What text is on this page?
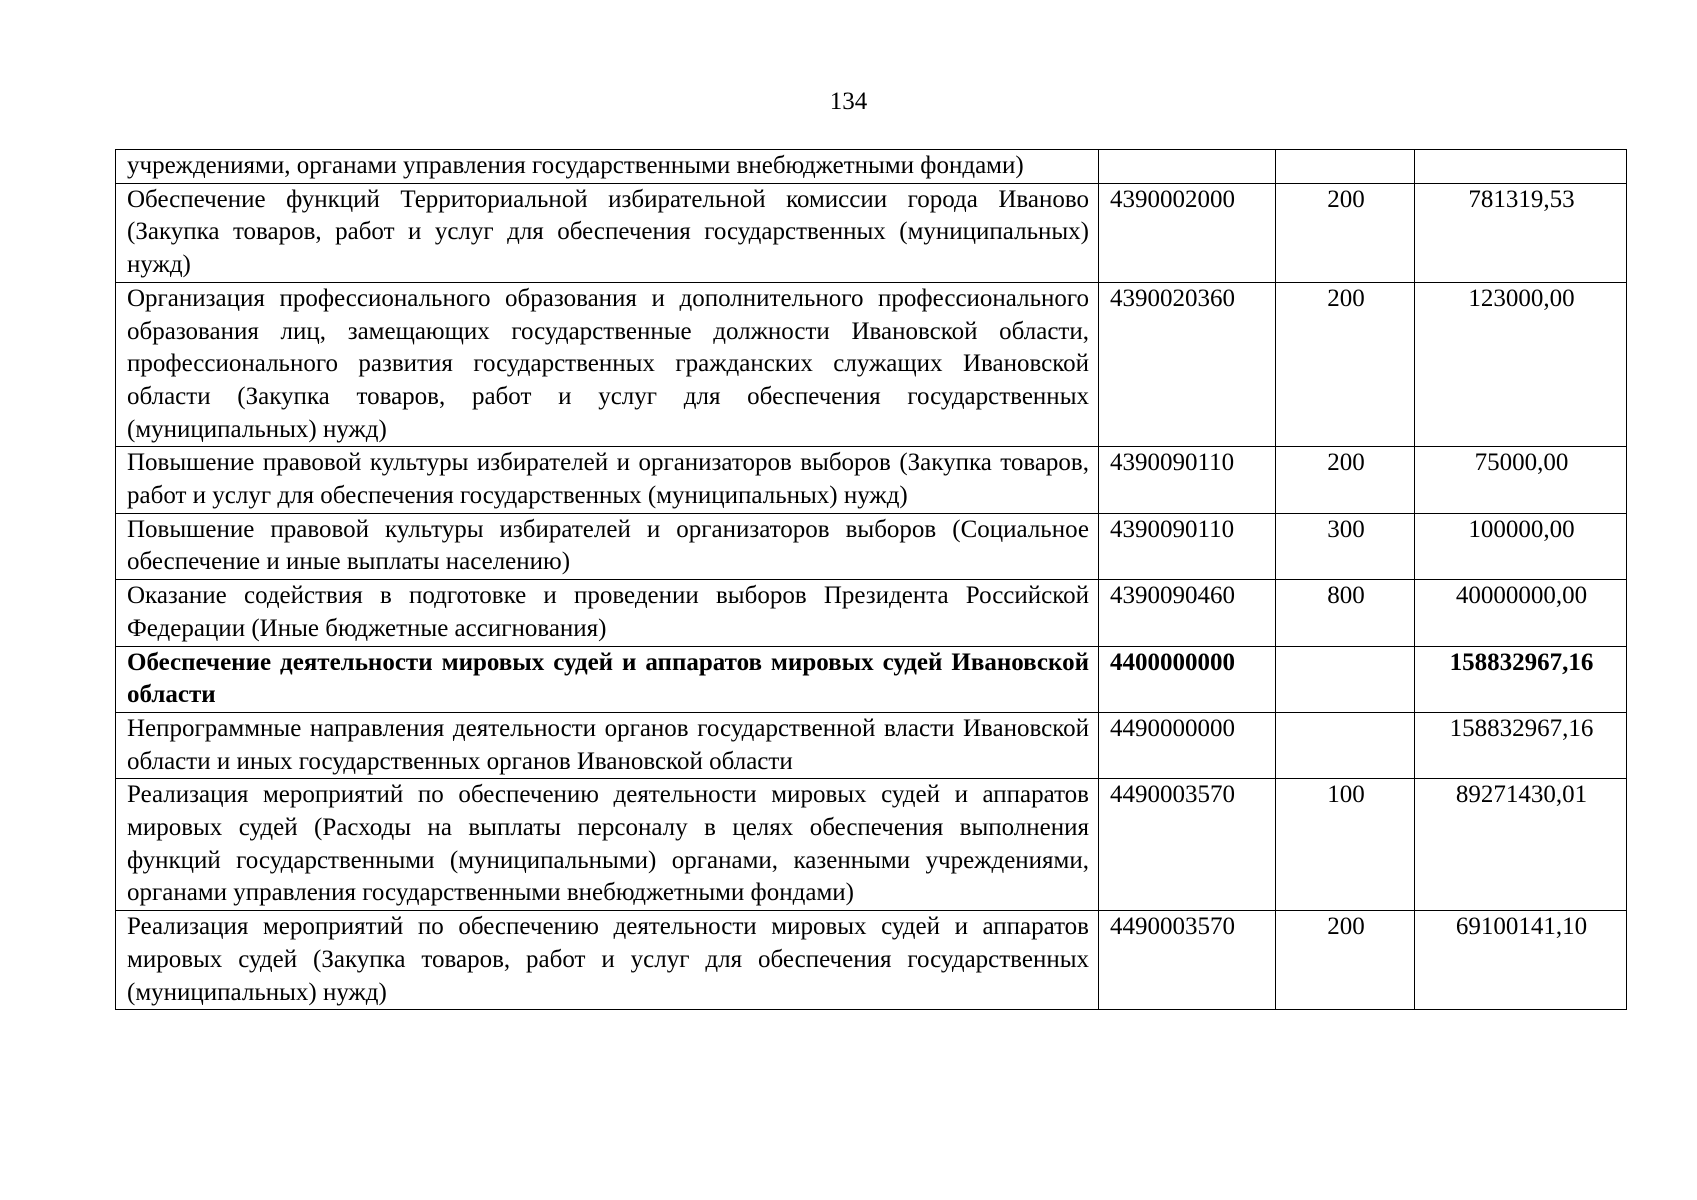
134
учреждениями, органами управления государственными внебюджетными фондами)			
Обеспечение функций Территориальной избирательной комиссии города Иваново (Закупка товаров, работ и услуг для обеспечения государственных (муниципальных) нужд)	4390002000	200	781319,53
Организация профессионального образования и дополнительного профессионального образования лиц, замещающих государственные должности Ивановской области, профессионального развития государственных гражданских служащих Ивановской области (Закупка товаров, работ и услуг для обеспечения государственных (муниципальных) нужд)	4390020360	200	123000,00
Повышение правовой культуры избирателей и организаторов выборов (Закупка товаров, работ и услуг для обеспечения государственных (муниципальных) нужд)	4390090110	200	75000,00
Повышение правовой культуры избирателей и организаторов выборов (Социальное обеспечение и иные выплаты населению)	4390090110	300	100000,00
Оказание содействия в подготовке и проведении выборов Президента Российской Федерации (Иные бюджетные ассигнования)	4390090460	800	40000000,00
Обеспечение деятельности мировых судей и аппаратов мировых судей Ивановской области	4400000000		158832967,16
Непрограммные направления деятельности органов государственной власти Ивановской области и иных государственных органов Ивановской области	4490000000		158832967,16
Реализация мероприятий по обеспечению деятельности мировых судей и аппаратов мировых судей (Расходы на выплаты персоналу в целях обеспечения выполнения функций государственными (муниципальными) органами, казенными учреждениями, органами управления государственными внебюджетными фондами)	4490003570	100	89271430,01
Реализация мероприятий по обеспечению деятельности мировых судей и аппаратов мировых судей (Закупка товаров, работ и услуг для обеспечения государственных (муниципальных) нужд)	4490003570	200	69100141,10
